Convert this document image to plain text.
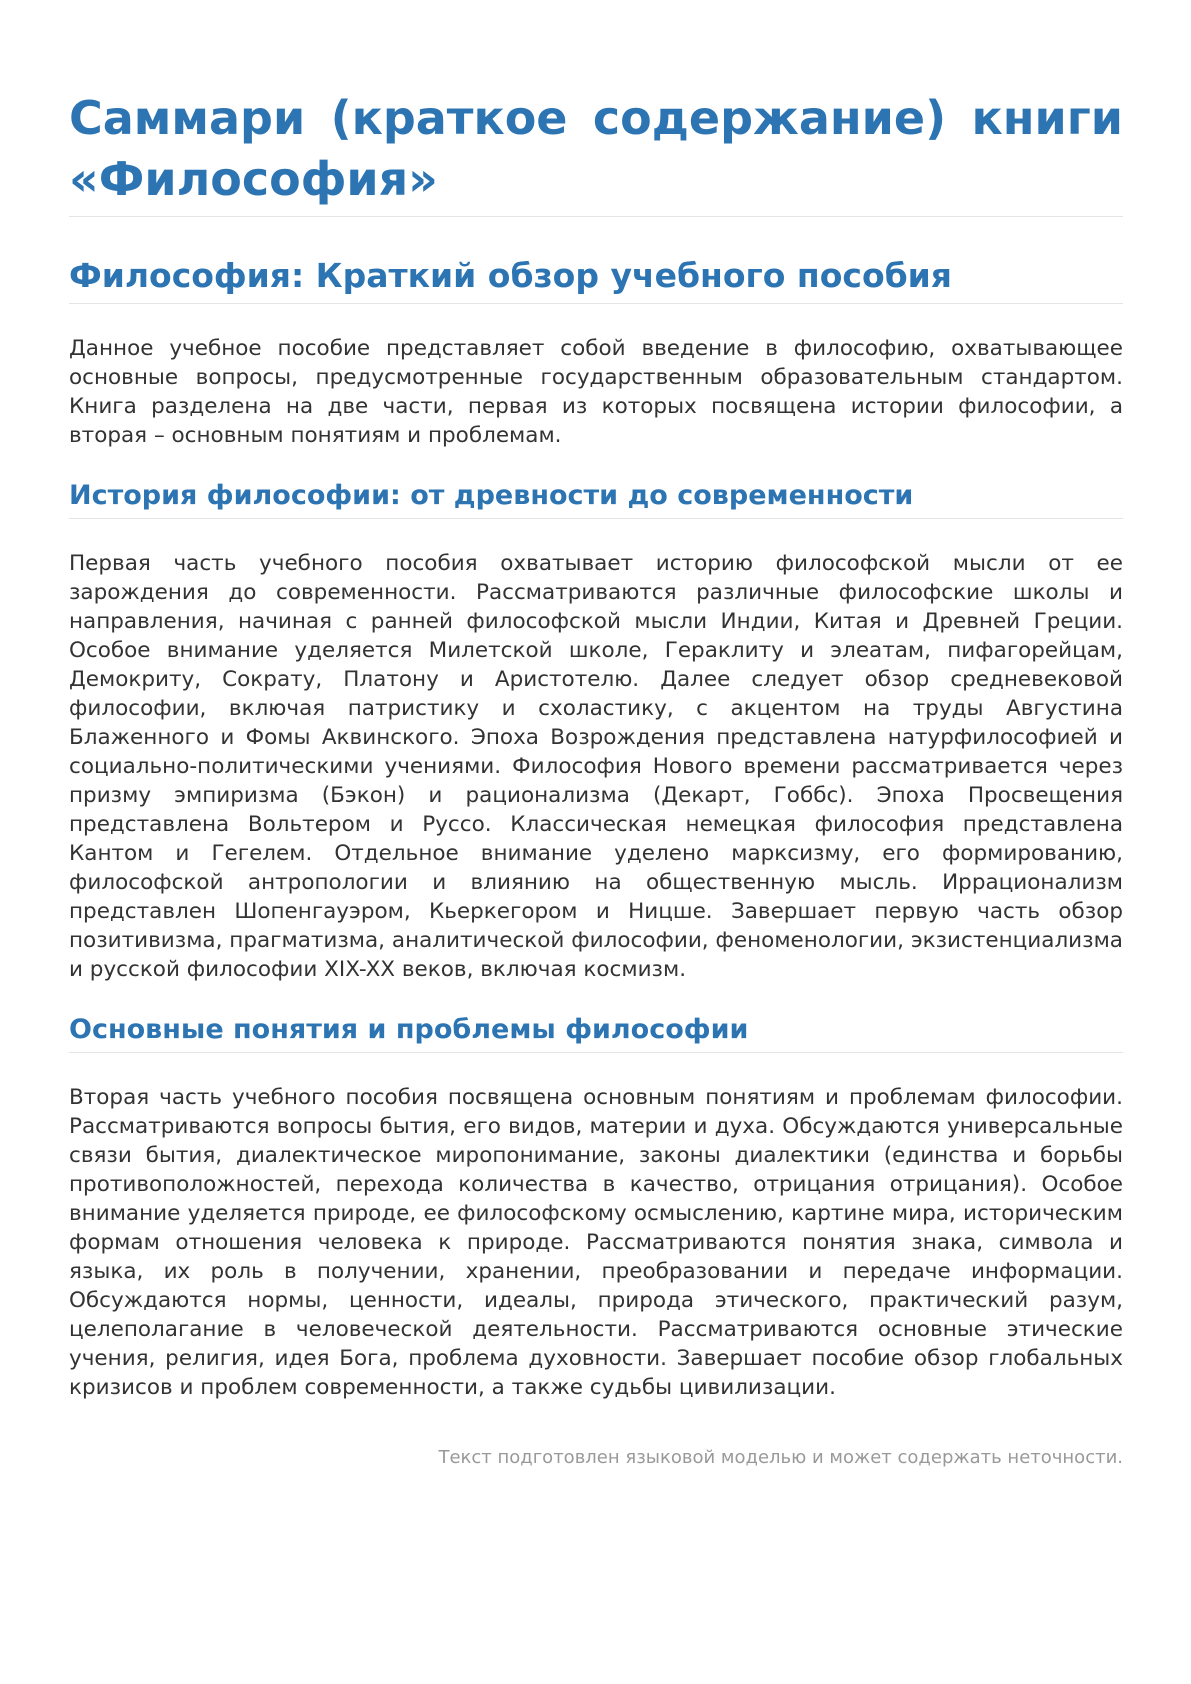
Саммари (краткое содержание) книги «Философия»
Философия: Краткий обзор учебного пособия

Данное учебное пособие представляет собой введение в философию, охватывающее основные вопросы, предусмотренные государственным образовательным стандартом. Книга разделена на две части, первая из которых посвящена истории философии, а вторая – основным понятиям и проблемам.

История философии: от древности до современности

Первая часть учебного пособия охватывает историю философской мысли от ее зарождения до современности. Рассматриваются различные философские школы и направления, начиная с ранней философской мысли Индии, Китая и Древней Греции. Особое внимание уделяется Милетской школе, Гераклиту и элеатам, пифагорейцам, Демокриту, Сократу, Платону и Аристотелю. Далее следует обзор средневековой философии, включая патристику и схоластику, с акцентом на труды Августина Блаженного и Фомы Аквинского. Эпоха Возрождения представлена натурфилософией и социально-политическими учениями. Философия Нового времени рассматривается через призму эмпиризма (Бэкон) и рационализма (Декарт, Гоббс). Эпоха Просвещения представлена Вольтером и Руссо. Классическая немецкая философия представлена Кантом и Гегелем. Отдельное внимание уделено марксизму, его формированию, философской антропологии и влиянию на общественную мысль. Иррационализм представлен Шопенгауэром, Кьеркегором и Ницше. Завершает первую часть обзор позитивизма, прагматизма, аналитической философии, феноменологии, экзистенциализма и русской философии XIX-XX веков, включая космизм.

Основные понятия и проблемы философии

Вторая часть учебного пособия посвящена основным понятиям и проблемам философии. Рассматриваются вопросы бытия, его видов, материи и духа. Обсуждаются универсальные связи бытия, диалектическое миропонимание, законы диалектики (единства и борьбы противоположностей, перехода количества в качество, отрицания отрицания). Особое внимание уделяется природе, ее философскому осмыслению, картине мира, историческим формам отношения человека к природе. Рассматриваются понятия знака, символа и языка, их роль в получении, хранении, преобразовании и передаче информации. Обсуждаются нормы, ценности, идеалы, природа этического, практический разум, целеполагание в человеческой деятельности. Рассматриваются основные этические учения, религия, идея Бога, проблема духовности. Завершает пособие обзор глобальных кризисов и проблем современности, а также судьбы цивилизации.

Текст подготовлен языковой моделью и может содержать неточности.
